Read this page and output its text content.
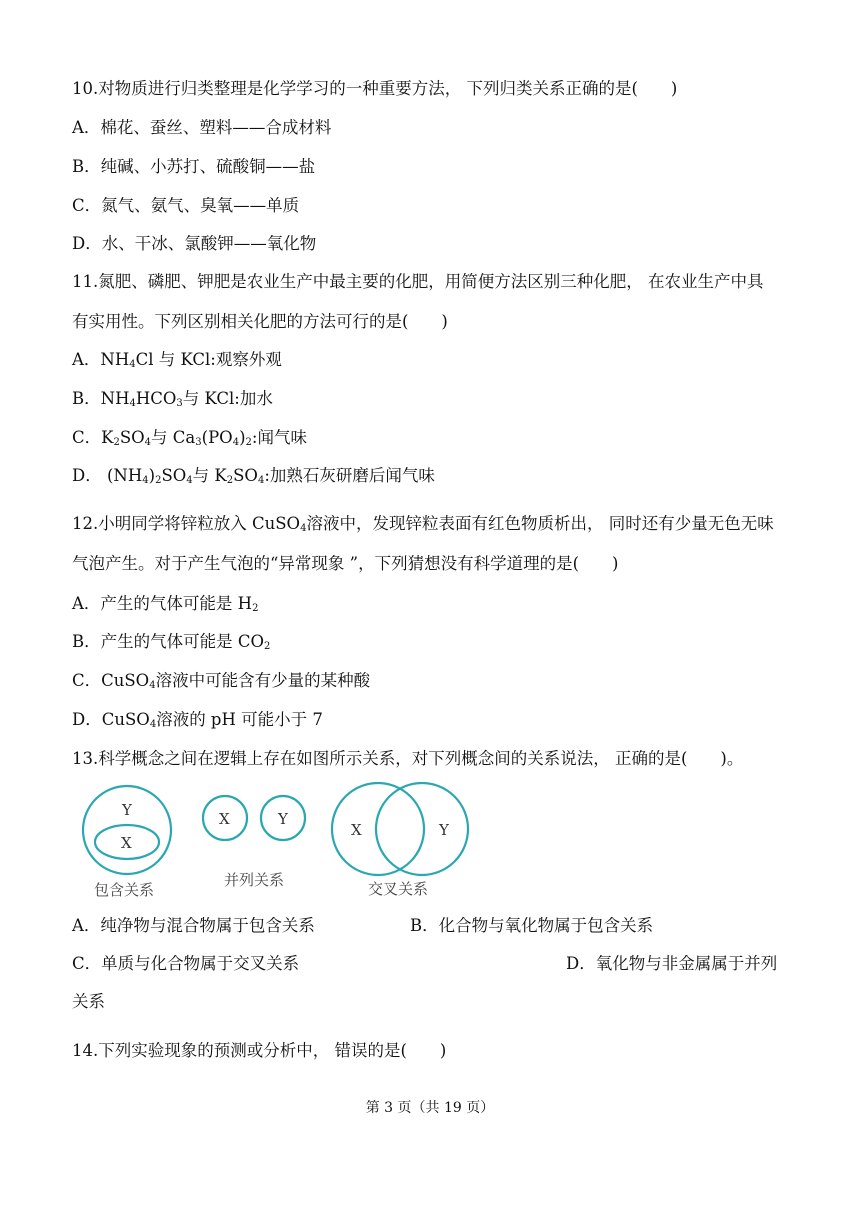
10.对物质进行归类整理是化学学习的一种重要方法， 下列归类关系正确的是(　　)
A．棉花、蚕丝、塑料——合成材料
B．纯碱、小苏打、硫酸铜——盐
C．氮气、氨气、臭氧——单质
D．水、干冰、氯酸钾——氧化物
11.氮肥、磷肥、钾肥是农业生产中最主要的化肥，用简便方法区别三种化肥， 在农业生产中具
有实用性。下列区别相关化肥的方法可行的是(　　)
A．$NH_4Cl$ 与 KCl:观察外观
B．$NH_4HCO_3$与 KCl:加水
C．$K_2SO_4$与 $Ca_3(PO_4)_2$:闻气味
D． $(NH_4)_2SO_4$与 $K_2SO_4$:加熟石灰研磨后闻气味
12.小明同学将锌粒放入 CuSO$_4$溶液中，发现锌粒表面有红色物质析出， 同时还有少量无色无味
气泡产生。对于产生气泡的“异常现象 ”，下列猜想没有科学道理的是(　　)
A．产生的气体可能是 $H_2$
B．产生的气体可能是 $CO_2$
C．CuSO$_4$溶液中可能含有少量的某种酸
D．CuSO$_4$溶液的 pH 可能小于 7
13.科学概念之间在逻辑上存在如图所示关系，对下列概念间的关系说法， 正确的是(　　)。
Y
X
包含关系
X	Y
并列关系
X	Y
交叉关系
A．纯净物与混合物属于包含关系	B．化合物与氧化物属于包含关系
C．单质与化合物属于交叉关系	D．氧化物与非金属属于并列
关系
14.下列实验现象的预测或分析中， 错误的是(　　)
第 3 页（共 19 页）
